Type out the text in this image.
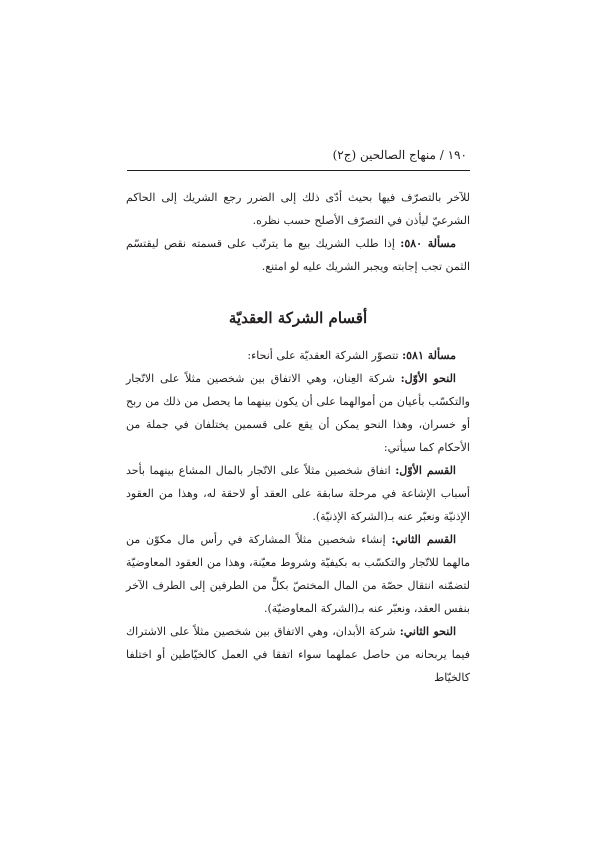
١٩٠ / منهاج الصالحين (ج٢)

للآخر بالتصرّف فيها بحيث أدّى ذلك إلى الضرر رجع الشريك إلى الحاكم الشرعيّ ليأذن في التصرّف الأصلح حسب نظره.

مسألة ٥٨٠: إذا طلب الشريك بيع ما يترتّب على قسمته نقص ليقتسّم الثمن تجب إجابته ويجبر الشريك عليه لو امتنع.

أقسام الشركة العقديّة

مسألة ٥٨١: تتصوّر الشركة العقديّة على أنحاء:

النحو الأوّل: شركة العِنان، وهي الاتفاق بين شخصين مثلاً على الاتّجار والتكسّب بأعيان من أموالهما على أن يكون بينهما ما يحصل من ذلك من ربح أو خسران، وهذا النحو يمكن أن يقع على قسمين يختلفان في جملة من الأحكام كما سيأتي:

القسم الأوّل: اتفاق شخصين مثلاً على الاتّجار بالمال المشاع بينهما بأحد أسباب الإشاعة في مرحلة سابقة على العقد أو لاحقة له، وهذا من العقود الإذنيّة ونعبّر عنه بـ(الشركة الإذنيّة).

القسم الثاني: إنشاء شخصين مثلاً المشاركة في رأس مال مكوّن من مالهما للاتّجار والتكسّب به بكيفيّة وشروط معيّنة، وهذا من العقود المعاوضيّة لتضمّنه انتقال حصّة من المال المختصّ بكلٍّ من الطرفين إلى الطرف الآخر بنفس العقد، ونعبّر عنه بـ(الشركة المعاوضيّة).

النحو الثاني: شركة الأبدان، وهي الاتفاق بين شخصين مثلاً على الاشتراك فيما يربحانه من حاصل عملهما سواء اتفقا في العمل كالخيّاطين أو اختلفا كالخيّاط
